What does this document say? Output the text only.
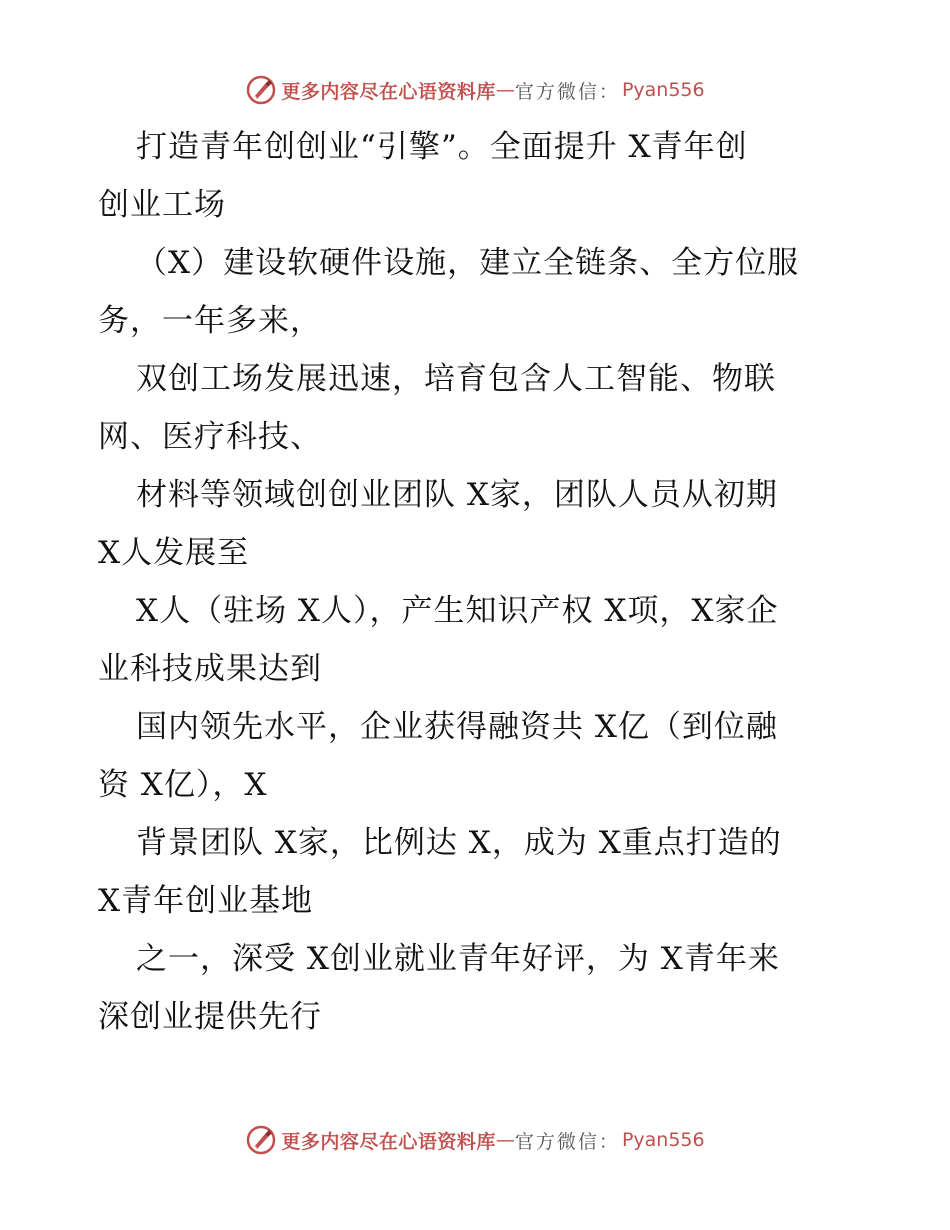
更多内容尽在心语资料库 — 官方微信： Pyan556
打造青年创创业“引擎”。全面提升 X青年创
创业工场
（X）建设软硬件设施，建立全链条、全方位服
务，一年多来，
双创工场发展迅速，培育包含人工智能、物联
网、医疗科技、
材料等领域创创业团队 X家，团队人员从初期
X人发展至
X人（驻场 X人），产生知识产权 X项，X家企
业科技成果达到
国内领先水平，企业获得融资共 X亿（到位融
资 X亿），X
背景团队 X家，比例达 X，成为 X重点打造的
X青年创业基地
之一，深受 X创业就业青年好评，为 X青年来
深创业提供先行
更多内容尽在心语资料库 — 官方微信： Pyan556
